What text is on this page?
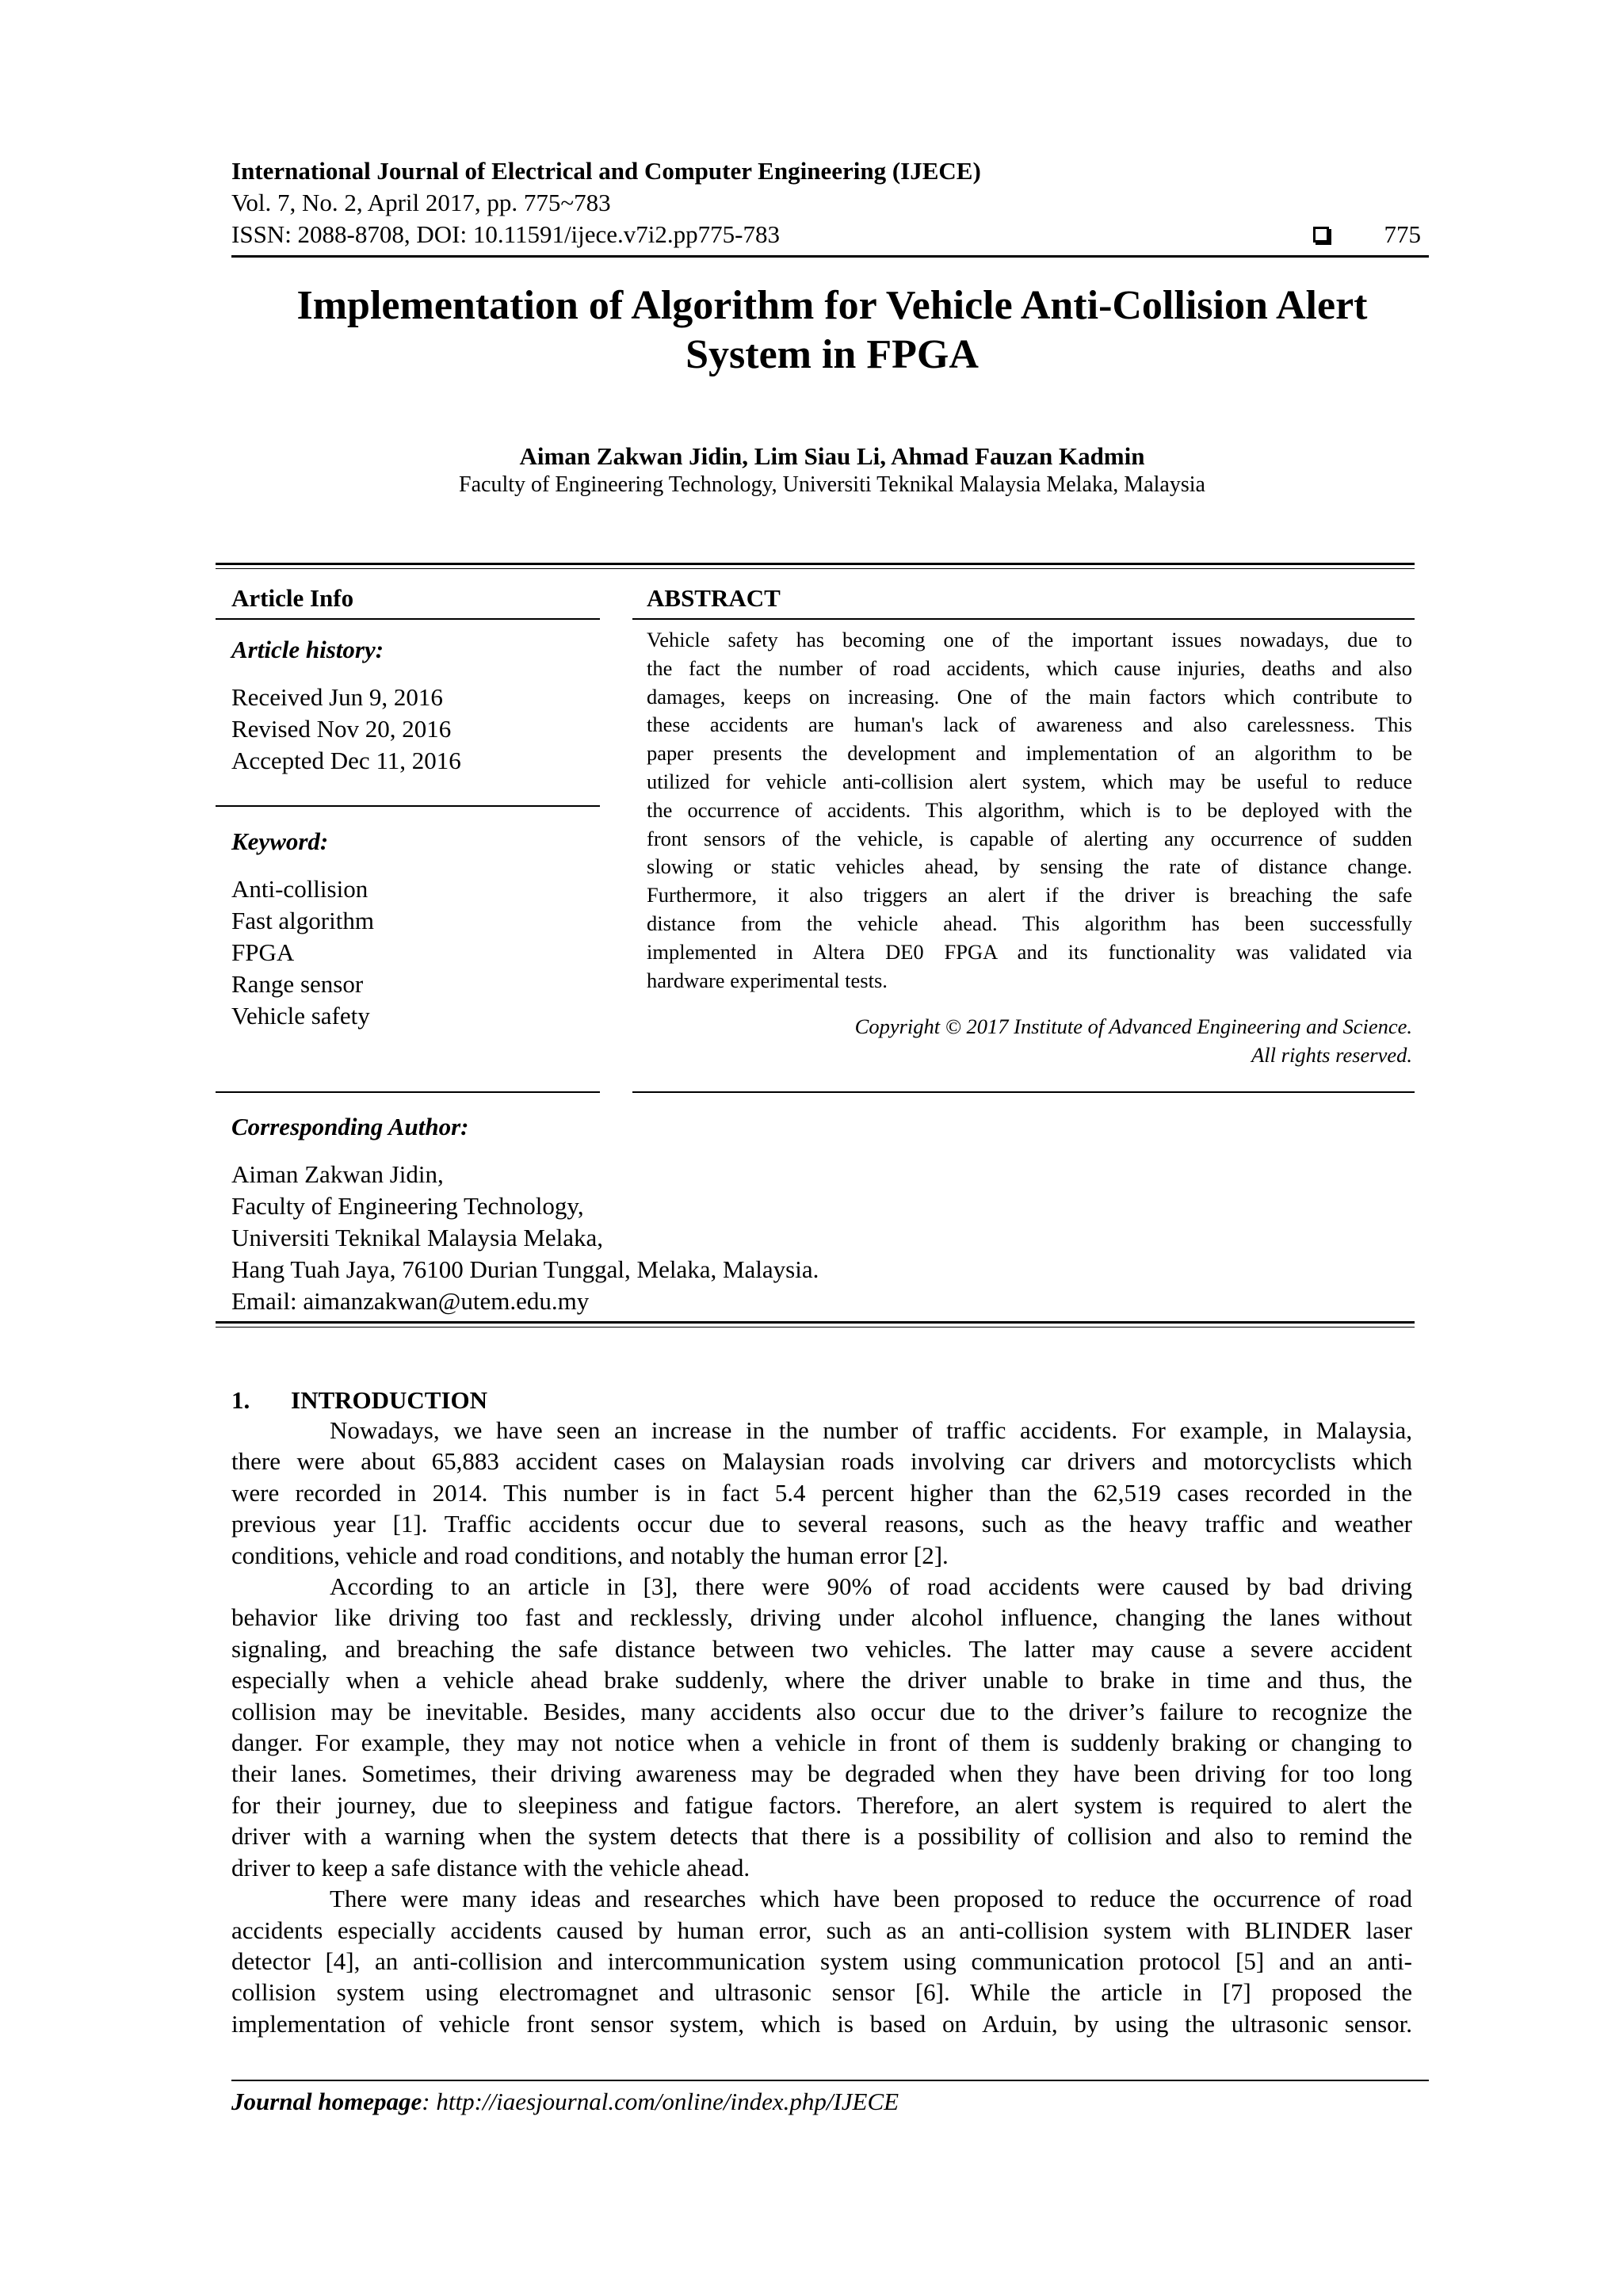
International Journal of Electrical and Computer Engineering (IJECE)
Vol. 7, No. 2, April 2017, pp. 775~783
ISSN: 2088-8708, DOI: 10.11591/ijece.v7i2.pp775-783	775
Implementation of Algorithm for Vehicle Anti-Collision Alert
System in FPGA
Aiman Zakwan Jidin, Lim Siau Li, Ahmad Fauzan Kadmin
Faculty of Engineering Technology, Universiti Teknikal Malaysia Melaka, Malaysia
Article Info
Article history:
Received Jun 9, 2016
Revised Nov 20, 2016
Accepted Dec 11, 2016
Keyword:
Anti-collision
Fast algorithm
FPGA
Range sensor
Vehicle safety
ABSTRACT
Vehicle safety has becoming one of the important issues nowadays, due to
the fact the number of road accidents, which cause injuries, deaths and also
damages, keeps on increasing. One of the main factors which contribute to
these accidents are human's lack of awareness and also carelessness. This
paper presents the development and implementation of an algorithm to be
utilized for vehicle anti-collision alert system, which may be useful to reduce
the occurrence of accidents. This algorithm, which is to be deployed with the
front sensors of the vehicle, is capable of alerting any occurrence of sudden
slowing or static vehicles ahead, by sensing the rate of distance change.
Furthermore, it also triggers an alert if the driver is breaching the safe
distance from the vehicle ahead. This algorithm has been successfully
implemented in Altera DE0 FPGA and its functionality was validated via
hardware experimental tests.
Copyright © 2017 Institute of Advanced Engineering and Science.
All rights reserved.
Corresponding Author:
Aiman Zakwan Jidin,
Faculty of Engineering Technology,
Universiti Teknikal Malaysia Melaka,
Hang Tuah Jaya, 76100 Durian Tunggal, Melaka, Malaysia.
Email: aimanzakwan@utem.edu.my
1. INTRODUCTION
Nowadays, we have seen an increase in the number of traffic accidents. For example, in Malaysia,
there were about 65,883 accident cases on Malaysian roads involving car drivers and motorcyclists which
were recorded in 2014. This number is in fact 5.4 percent higher than the 62,519 cases recorded in the
previous year [1]. Traffic accidents occur due to several reasons, such as the heavy traffic and weather
conditions, vehicle and road conditions, and notably the human error [2].
According to an article in [3], there were 90% of road accidents were caused by bad driving
behavior like driving too fast and recklessly, driving under alcohol influence, changing the lanes without
signaling, and breaching the safe distance between two vehicles. The latter may cause a severe accident
especially when a vehicle ahead brake suddenly, where the driver unable to brake in time and thus, the
collision may be inevitable. Besides, many accidents also occur due to the driver’s failure to recognize the
danger. For example, they may not notice when a vehicle in front of them is suddenly braking or changing to
their lanes. Sometimes, their driving awareness may be degraded when they have been driving for too long
for their journey, due to sleepiness and fatigue factors. Therefore, an alert system is required to alert the
driver with a warning when the system detects that there is a possibility of collision and also to remind the
driver to keep a safe distance with the vehicle ahead.
There were many ideas and researches which have been proposed to reduce the occurrence of road
accidents especially accidents caused by human error, such as an anti-collision system with BLINDER laser
detector [4], an anti-collision and intercommunication system using communication protocol [5] and an anti-
collision system using electromagnet and ultrasonic sensor [6]. While the article in [7] proposed the
implementation of vehicle front sensor system, which is based on Arduin, by using the ultrasonic sensor.
Journal homepage: http://iaesjournal.com/online/index.php/IJECE
